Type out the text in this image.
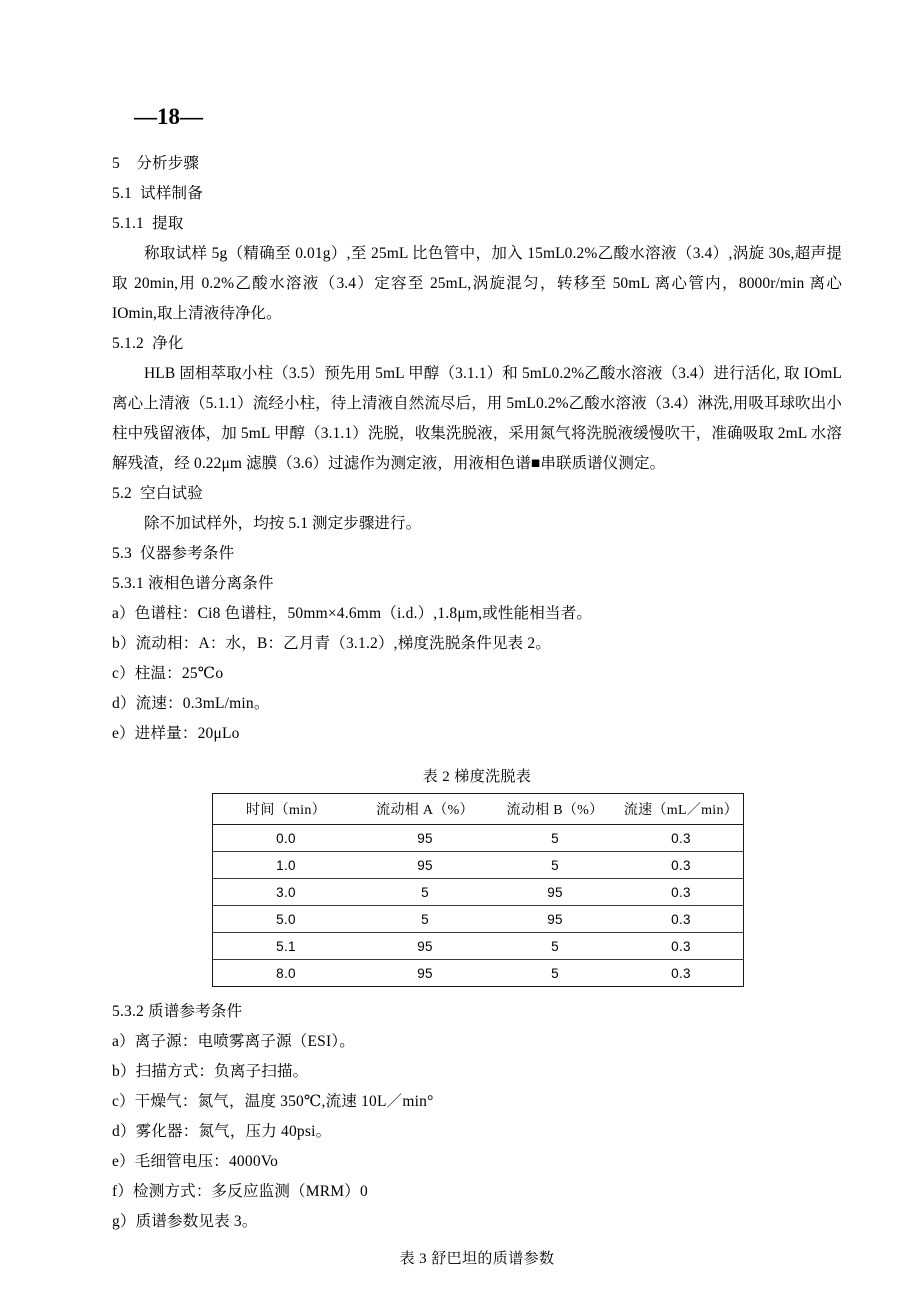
—18—
5    分析步骤
5.1  试样制备
5.1.1  提取

称取试样 5g（精确至 0.01g）,至 25mL 比色管中，加入 15mL0.2%乙酸水溶液（3.4）,涡旋 30s,超声提取 20min,用 0.2%乙酸水溶液（3.4）定容至 25mL,涡旋混匀，转移至 50mL 离心管内，8000r/min 离心 IOmin,取上清液待净化。

5.1.2  净化

HLB 固相萃取小柱（3.5）预先用 5mL 甲醇（3.1.1）和 5mL0.2%乙酸水溶液（3.4）进行活化, 取 IOmL 离心上清液（5.1.1）流经小柱，待上清液自然流尽后，用 5mL0.2%乙酸水溶液（3.4）淋洗,用吸耳球吹出小柱中残留液体，加 5mL 甲醇（3.1.1）洗脱，收集洗脱液，采用氮气将洗脱液缓慢吹干，准确吸取 2mL 水溶解残渣，经 0.22μm 滤膜（3.6）过滤作为测定液，用液相色谱■串联质谱仪测定。

5.2  空白试验

除不加试样外，均按 5.1 测定步骤进行。

5.3  仪器参考条件
5.3.1 液相色谱分离条件
a）色谱柱：Ci8 色谱柱，50mm×4.6mm（i.d.）,1.8μm,或性能相当者。
b）流动相：A：水，B：乙月青（3.1.2）,梯度洗脱条件见表 2。
c）柱温：25℃o
d）流速：0.3mL/min。
e）进样量：20μLo
表 2 梯度洗脱表
时间（min）	流动相 A（%）	流动相 B（%）	流速（mL／min）
0.0	95	5	0.3
1.0	95	5	0.3
3.0	5	95	0.3
5.0	5	95	0.3
5.1	95	5	0.3
8.0	95	5	0.3
5.3.2 质谱参考条件
a）离子源：电喷雾离子源（ESI）。
b）扫描方式：负离子扫描。
c）干燥气：氮气，温度 350℃,流速 10L／min°
d）雾化器：氮气，压力 40psi。
e）毛细管电压：4000Vo
f）检测方式：多反应监测（MRM）0
g）质谱参数见表 3。
表 3 舒巴坦的质谱参数
